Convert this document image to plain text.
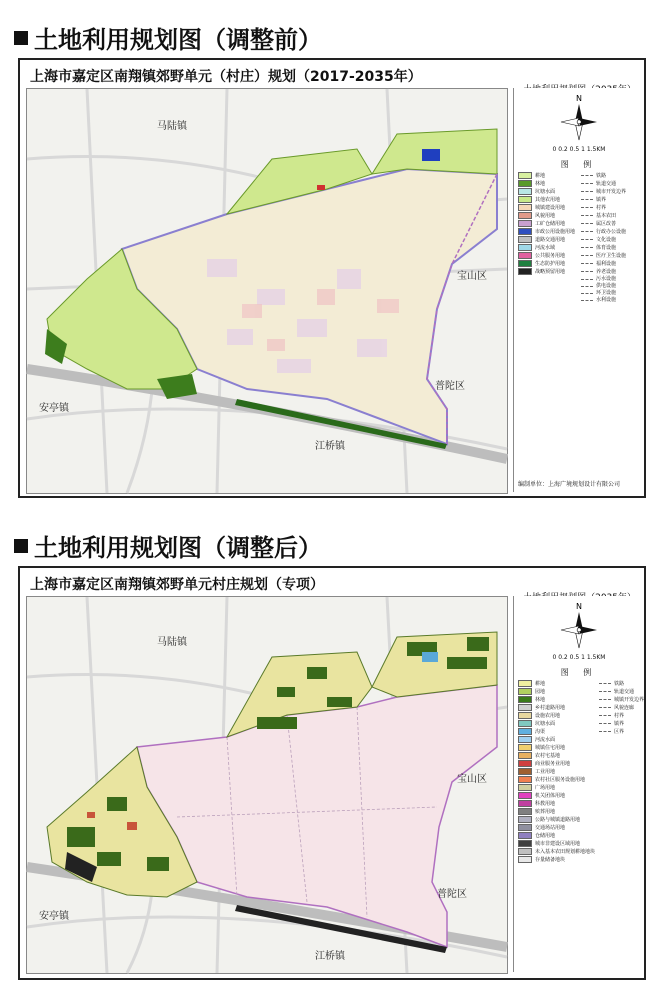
土地利用规划图（调整前）
上海市嘉定区南翔镇郊野单元（村庄）规划（2017-2035年）
马陆镇
宝山区
普陀区
安亭镇
江桥镇
N
0 0.2 0.5 1 1.5KM
图 例
耕地	铁路
林地	轨道交通
坑塘水面	城市开发边界
其他农用地	镇界
城镇建设用地	村界
风貌用地	基本农田
工矿仓储用地	属区改善
市政公用设施用地	行政办公设施
道路交通用地	文化设施
河流水域	体育设施
公共服务用地	医疗卫生设施
生态防护用地	福利设施
战略预留用地	养老设施
污水设施
供电设施
环卫设施
水利设施
编制单位：上海广境规划设计有限公司
土地利用规划图（调整后）
上海市嘉定区南翔镇郊野单元村庄规划（专项）
马陆镇
宝山区
普陀区
安亭镇
江桥镇
N
0 0.2 0.5 1 1.5KM
图 例
耕地	铁路
园地	轨道交通
林地	城镇开发边界
乡村道路用地	风貌连廊
设施农用地	村界
坑塘水面	镇界
沟渠	区界
河流水面
城镇住宅用地
农村宅基地
商业服务业用地
工业用地
农村社区服务设施用地
广场用地
机关团体用地
科教用地
殡葬用地
公路与城镇道路用地
交通场站用地
仓储用地
城市非建设区域用地
未入基本农田规划耕地地块
存量储备地块
